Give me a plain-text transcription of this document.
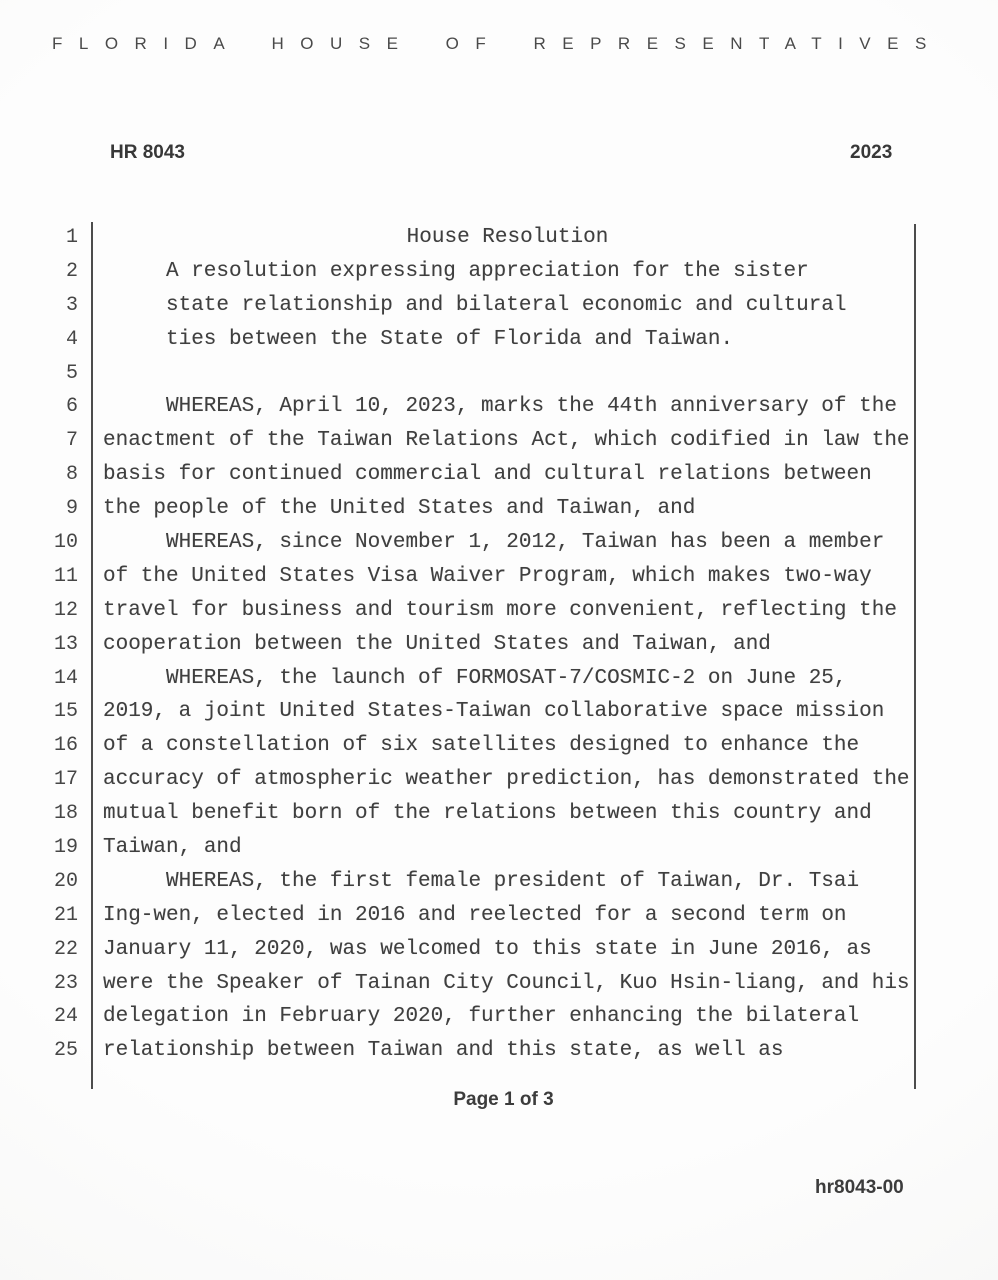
FLORIDA HOUSE OF REPRESENTATIVES
HR 8043	2023
1	House Resolution
2	A resolution expressing appreciation for the sister
3	state relationship and bilateral economic and cultural
4	ties between the State of Florida and Taiwan.
5
6	WHEREAS, April 10, 2023, marks the 44th anniversary of the
7	enactment of the Taiwan Relations Act, which codified in law the
8	basis for continued commercial and cultural relations between
9	the people of the United States and Taiwan, and
10	WHEREAS, since November 1, 2012, Taiwan has been a member
11	of the United States Visa Waiver Program, which makes two-way
12	travel for business and tourism more convenient, reflecting the
13	cooperation between the United States and Taiwan, and
14	WHEREAS, the launch of FORMOSAT-7/COSMIC-2 on June 25,
15	2019, a joint United States-Taiwan collaborative space mission
16	of a constellation of six satellites designed to enhance the
17	accuracy of atmospheric weather prediction, has demonstrated the
18	mutual benefit born of the relations between this country and
19	Taiwan, and
20	WHEREAS, the first female president of Taiwan, Dr. Tsai
21	Ing-wen, elected in 2016 and reelected for a second term on
22	January 11, 2020, was welcomed to this state in June 2016, as
23	were the Speaker of Tainan City Council, Kuo Hsin-liang, and his
24	delegation in February 2020, further enhancing the bilateral
25	relationship between Taiwan and this state, as well as
Page 1 of 3
hr8043-00
